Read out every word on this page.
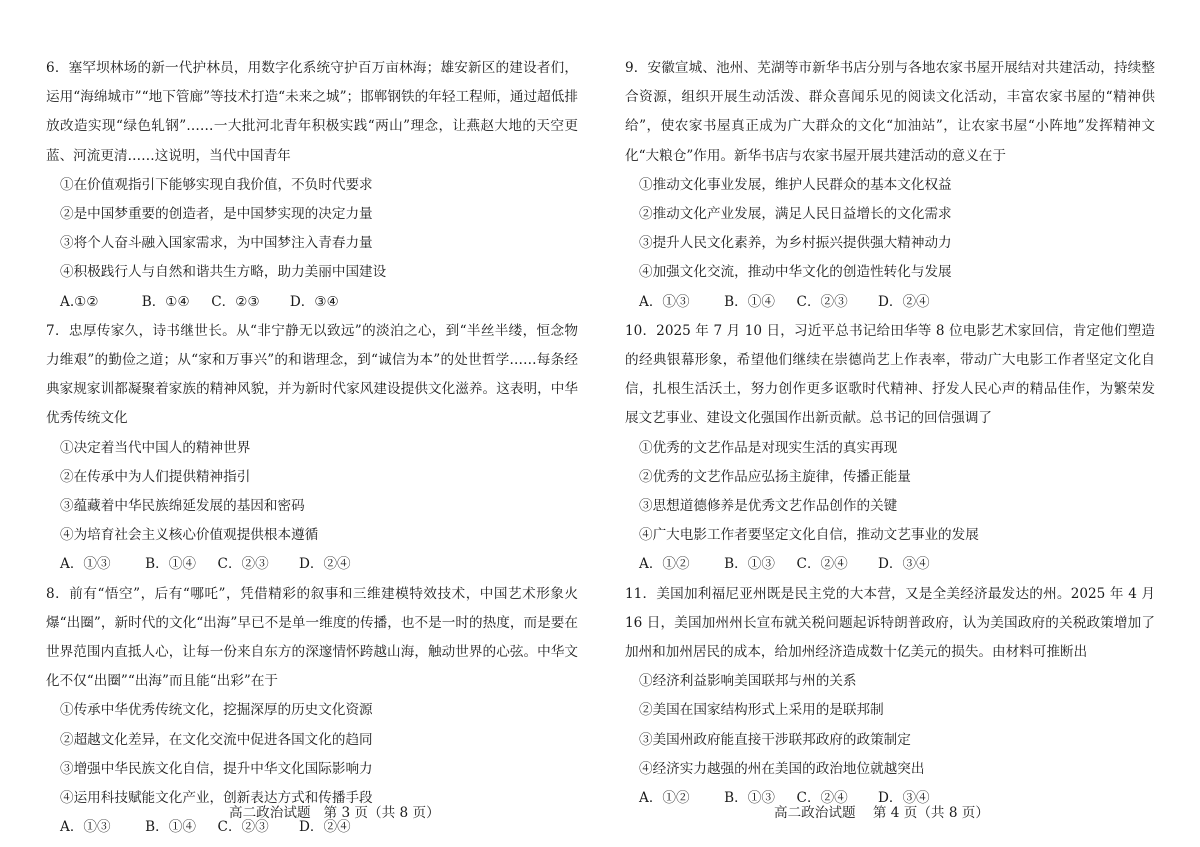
6．塞罕坝林场的新一代护林员，用数字化系统守护百万亩林海；雄安新区的建设者们，运用“海绵城市”“地下管廊”等技术打造“未来之城”；邯郸钢铁的年轻工程师，通过超低排放改造实现“绿色轧钢”……一大批河北青年积极实践“两山”理念，让燕赵大地的天空更蓝、河流更清……这说明，当代中国青年
①在价值观指引下能够实现自我价值，不负时代要求
②是中国梦重要的创造者，是中国梦实现的决定力量
③将个人奋斗融入国家需求，为中国梦注入青春力量
④积极践行人与自然和谐共生方略，助力美丽中国建设
A.①②          B．①④     C．②③       D．③④
7．忠厚传家久，诗书继世长。从“非宁静无以致远”的淡泊之心，到“半丝半缕，恒念物力维艰”的勤俭之道；从“家和万事兴”的和谐理念，到“诚信为本”的处世哲学……每条经典家规家训都凝聚着家族的精神风貌，并为新时代家风建设提供文化滋养。这表明，中华优秀传统文化
①决定着当代中国人的精神世界
②在传承中为人们提供精神指引
③蕴藏着中华民族绵延发展的基因和密码
④为培育社会主义核心价值观提供根本遵循
A．①③        B．①④     C．②③       D．②④
8．前有“悟空”，后有“哪吒”，凭借精彩的叙事和三维建模特效技术，中国艺术形象火爆“出圈”，新时代的文化“出海”早已不是单一维度的传播，也不是一时的热度，而是要在世界范围内直抵人心，让每一份来自东方的深邃情怀跨越山海，触动世界的心弦。中华文化不仅“出圈”“出海”而且能“出彩”在于
①传承中华优秀传统文化，挖掘深厚的历史文化资源
②超越文化差异，在文化交流中促进各国文化的趋同
③增强中华民族文化自信，提升中华文化国际影响力
④运用科技赋能文化产业，创新表达方式和传播手段
A．①③        B．①④     C．②③       D．②④
高二政治试题   第 3 页（共 8 页）
9．安徽宣城、池州、芜湖等市新华书店分别与各地农家书屋开展结对共建活动，持续整合资源，组织开展生动活泼、群众喜闻乐见的阅读文化活动，丰富农家书屋的“精神供给”，使农家书屋真正成为广大群众的文化“加油站”，让农家书屋“小阵地”发挥精神文化“大粮仓”作用。新华书店与农家书屋开展共建活动的意义在于
①推动文化事业发展，维护人民群众的基本文化权益
②推动文化产业发展，满足人民日益增长的文化需求
③提升人民文化素养，为乡村振兴提供强大精神动力
④加强文化交流，推动中华文化的创造性转化与发展
A．①③        B．①④     C．②③       D．②④
10．2025 年 7 月 10 日，习近平总书记给田华等 8 位电影艺术家回信，肯定他们塑造的经典银幕形象，希望他们继续在崇德尚艺上作表率，带动广大电影工作者坚定文化自信，扎根生活沃土，努力创作更多讴歌时代精神、抒发人民心声的精品佳作，为繁荣发展文艺事业、建设文化强国作出新贡献。总书记的回信强调了
①优秀的文艺作品是对现实生活的真实再现
②优秀的文艺作品应弘扬主旋律，传播正能量
③思想道德修养是优秀文艺作品创作的关键
④广大电影工作者要坚定文化自信，推动文艺事业的发展
A．①②        B．①③     C．②④       D．③④
11．美国加利福尼亚州既是民主党的大本营，又是全美经济最发达的州。2025 年 4 月 16 日，美国加州州长宣布就关税问题起诉特朗普政府，认为美国政府的关税政策增加了加州和加州居民的成本，给加州经济造成数十亿美元的损失。由材料可推断出
①经济利益影响美国联邦与州的关系
②美国在国家结构形式上采用的是联邦制
③美国州政府能直接干涉联邦政府的政策制定
④经济实力越强的州在美国的政治地位就越突出
A．①②        B．①③     C．②④       D．③④
高二政治试题    第 4 页（共 8 页）
